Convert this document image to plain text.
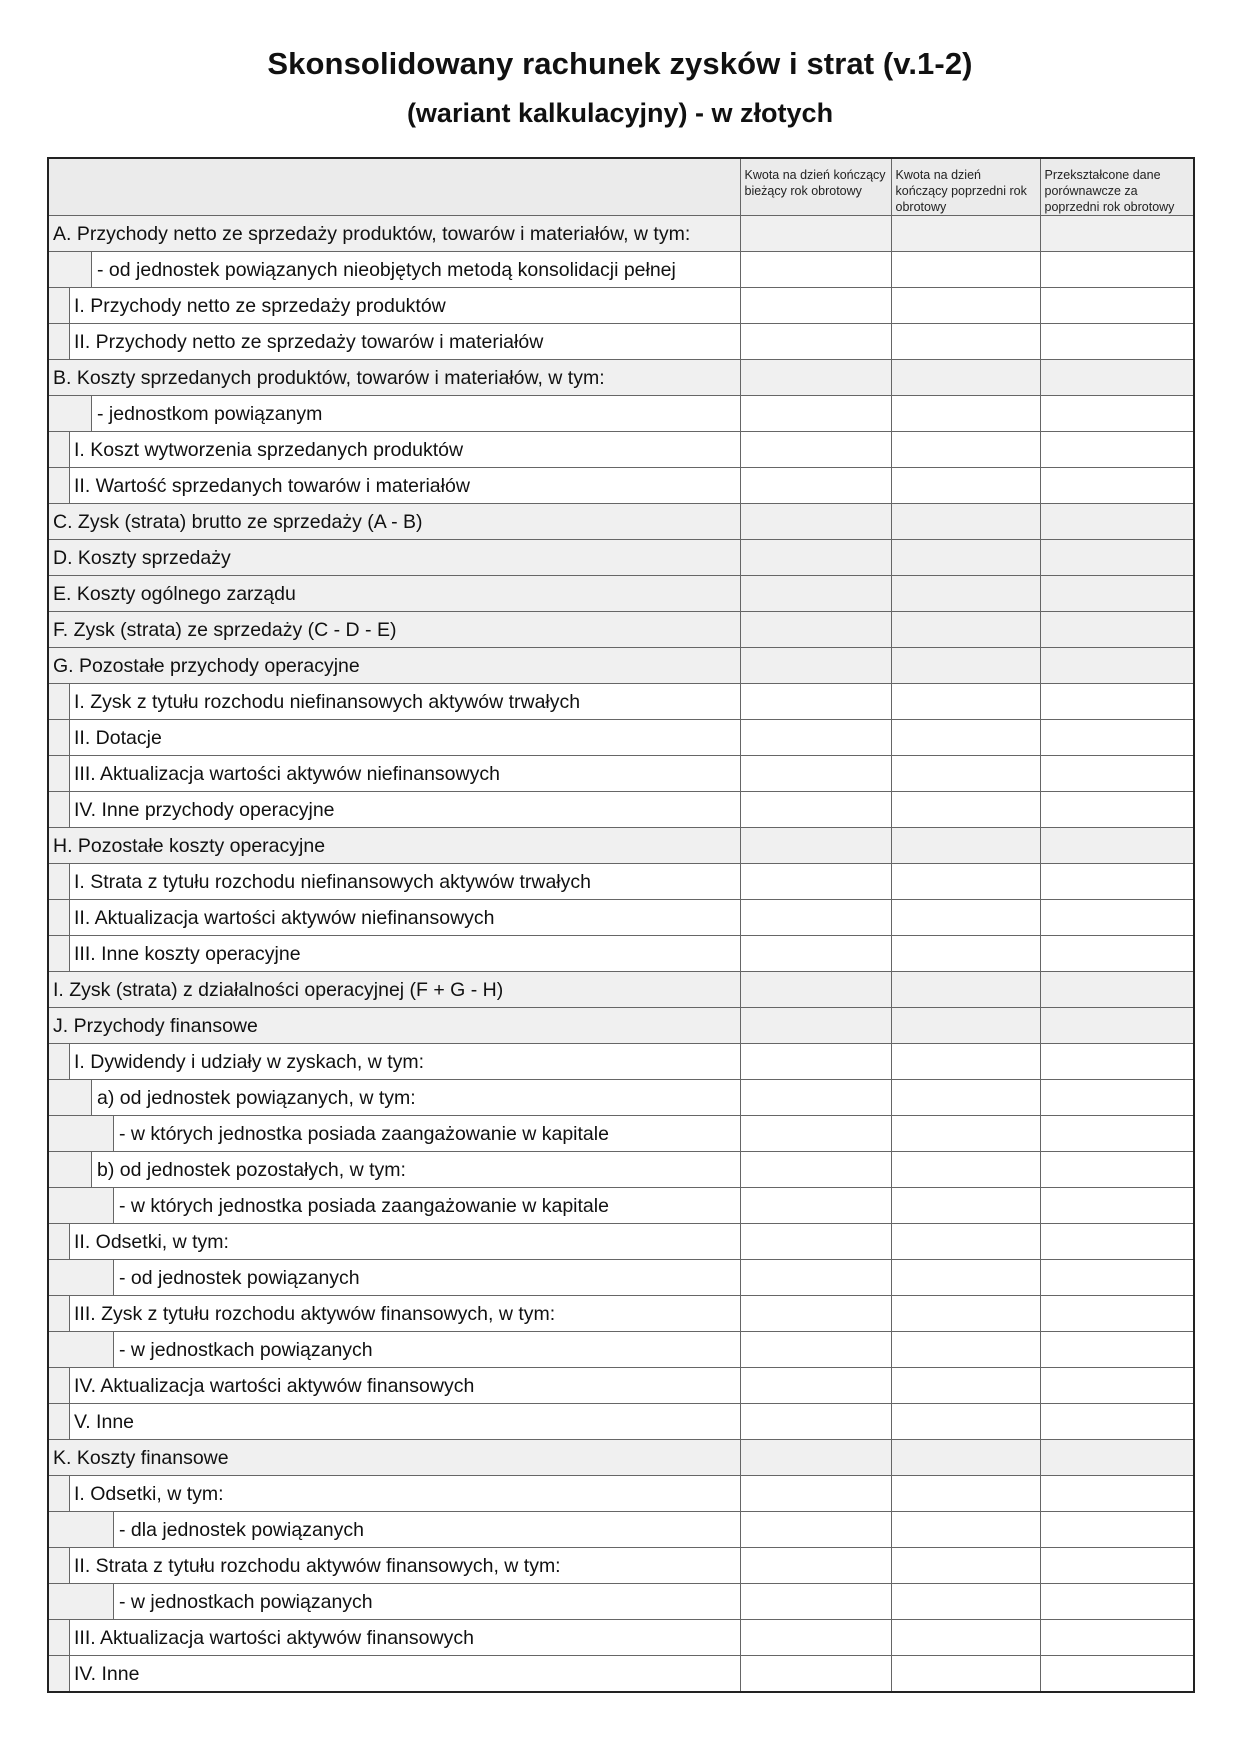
Skonsolidowany rachunek zysków i strat (v.1-2)
(wariant kalkulacyjny) - w złotych
	Kwota na dzień kończący bieżący rok obrotowy	Kwota na dzień kończący poprzedni rok obrotowy	Przekształcone dane porównawcze za poprzedni rok obrotowy

A. Przychody netto ze sprzedaży produktów, towarów i materiałów, w tym:			

- od jednostek powiązanych nieobjętych metodą konsolidacji pełnej			

I. Przychody netto ze sprzedaży produktów			

II. Przychody netto ze sprzedaży towarów i materiałów			

B. Koszty sprzedanych produktów, towarów i materiałów, w tym:			

- jednostkom powiązanym			

I. Koszt wytworzenia sprzedanych produktów			

II. Wartość sprzedanych towarów i materiałów			

C. Zysk (strata) brutto ze sprzedaży (A - B)			

D. Koszty sprzedaży			

E. Koszty ogólnego zarządu			

F. Zysk (strata) ze sprzedaży (C - D - E)			

G. Pozostałe przychody operacyjne			

I. Zysk z tytułu rozchodu niefinansowych aktywów trwałych			

II. Dotacje			

III. Aktualizacja wartości aktywów niefinansowych			

IV. Inne przychody operacyjne			

H. Pozostałe koszty operacyjne			

I. Strata z tytułu rozchodu niefinansowych aktywów trwałych			

II. Aktualizacja wartości aktywów niefinansowych			

III. Inne koszty operacyjne			

I. Zysk (strata) z działalności operacyjnej (F + G - H)			

J. Przychody finansowe			

I. Dywidendy i udziały w zyskach, w tym:			

a) od jednostek powiązanych, w tym:			

- w których jednostka posiada zaangażowanie w kapitale			

b) od jednostek pozostałych, w tym:			

- w których jednostka posiada zaangażowanie w kapitale			

II. Odsetki, w tym:			

- od jednostek powiązanych			

III. Zysk z tytułu rozchodu aktywów finansowych, w tym:			

- w jednostkach powiązanych			

IV. Aktualizacja wartości aktywów finansowych			

V. Inne			

K. Koszty finansowe			

I. Odsetki, w tym:			

- dla jednostek powiązanych			

II. Strata z tytułu rozchodu aktywów finansowych, w tym:			

- w jednostkach powiązanych			

III. Aktualizacja wartości aktywów finansowych			

IV. Inne			
